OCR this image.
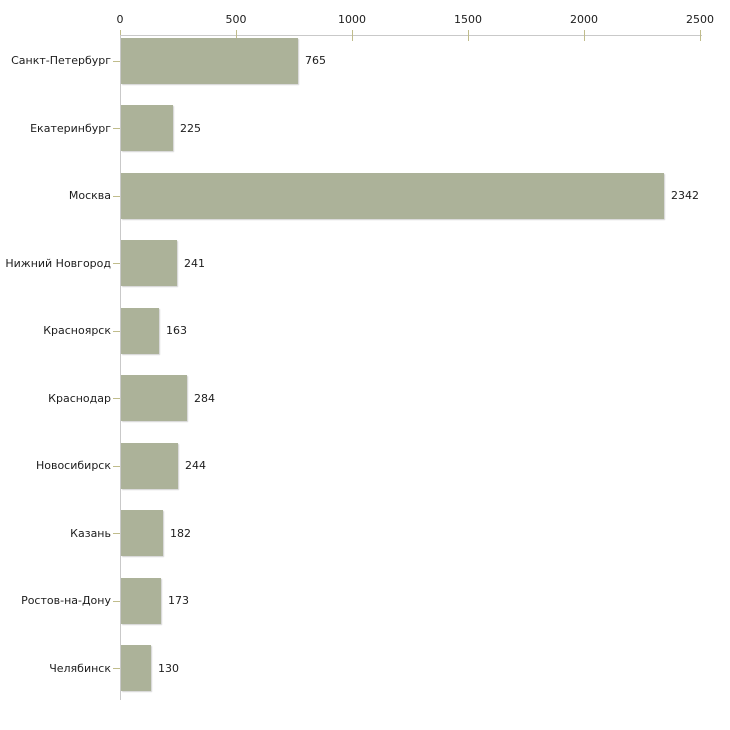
0	500	1000	1500	2000	2500
Санкт-Петербург	765
Екатеринбург	225
Москва	2342
Нижний Новгород	241
Красноярск	163
Краснодар	284
Новосибирск	244
Казань	182
Ростов-на-Дону	173
Челябинск	130
